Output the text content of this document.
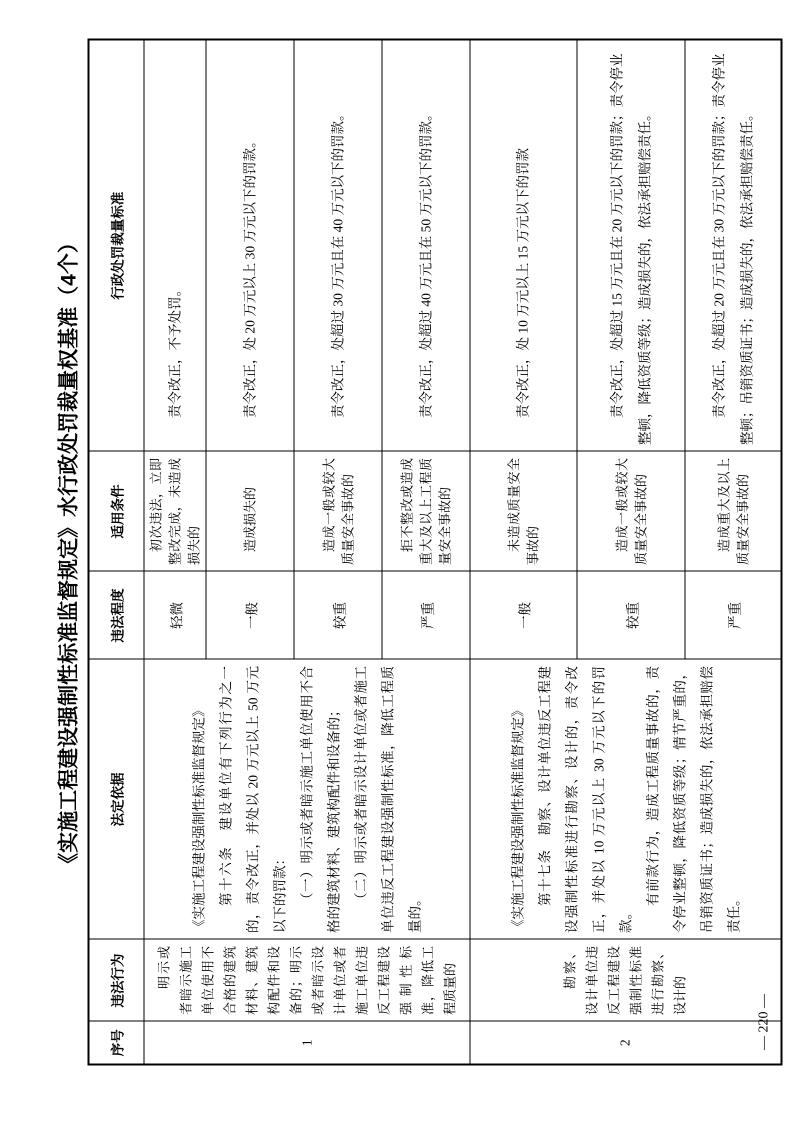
《实施工程建设强制性标准监督规定》水行政处罚裁量权基准（4个）
序号	违法行为	法定依据	违法程度	适用条件	行政处罚裁量标准
1	明示或者暗示施工单位使用不合格的建筑材料、建筑构配件和设备的；明示或者暗示设计单位或者施工单位违反工程建设强制性标准，降低工程质量的	《实施工程建设强制性标准监督规定》 第十六条　建设单位有下列行为之一的，责令改正，并处以 20 万元以上 50 万元以下的罚款： （一）明示或者暗示施工单位使用不合格的建筑材料、建筑构配件和设备的； （二）明示或者暗示设计单位或者施工单位违反工程建设强制性标准，降低工程质量的。	轻微	初次违法，立即整改完成，未造成损失的	责令改正，不予处罚。

			一般	造成损失的	责令改正，处 20 万元以上 30 万元以下的罚款。

			较重	造成一般或较大质量安全事故的	责令改正，处超过 30 万元且在 40 万元以下的罚款。

			严重	拒不整改或造成重大及以上工程质量安全事故的	责令改正，处超过 40 万元且在 50 万元以下的罚款。

2	勘察、设计单位违反工程建设强制性标准进行勘察、设计的	《实施工程建设强制性标准监督规定》 第十七条　勘察、设计单位违反工程建设强制性标准进行勘察、设计的，责令改正，并处以 10 万元以上 30 万元以下的罚款。

有前款行为，造成工程质量事故的，责令停业整顿，降低资质等级；情节严重的，吊销资质证书；造成损失的，依法承担赔偿责任。	一般	未造成质量安全事故的	责令改正，处 10 万元以上 15 万元以下的罚款

			较重	造成一般或较大质量安全事故的	责令改正，处超过 15 万元且在 20 万元以下的罚款；责令停业整顿，降低资质等级；造成损失的，依法承担赔偿责任。

			严重	造成重大及以上质量安全事故的	责令改正，处超过 20 万元且在 30 万元以下的罚款；责令停业整顿；吊销资质证书；造成损失的，依法承担赔偿责任。

— 220 —
